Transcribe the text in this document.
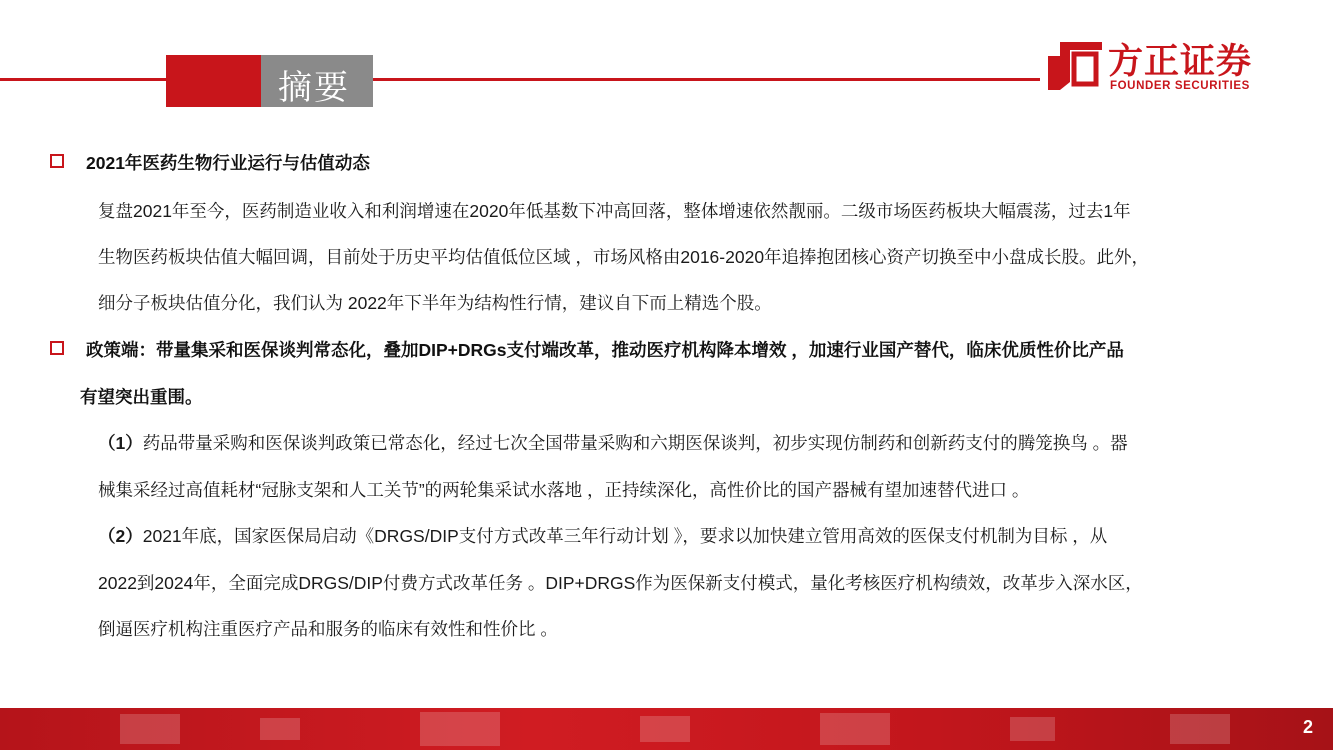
摘要
方正证券
FOUNDER SECURITIES
2021年医药生物行业运行与估值动态
复盘2021年至今，医药制造业收入和利润增速在2020年低基数下冲高回落，整体增速依然靓丽。二级市场医药板块大幅震荡，过去1年
生物医药板块估值大幅回调，目前处于历史平均估值低位区域 ，市场风格由2016-2020年追捧抱团核心资产切换至中小盘成长股。此外，
细分子板块估值分化，我们认为 2022年下半年为结构性行情，建议自下而上精选个股。
政策端：带量集采和医保谈判常态化，叠加DIP+DRGs支付端改革，推动医疗机构降本增效 ，加速行业国产替代，临床优质性价比产品
有望突出重围。
（1）药品带量采购和医保谈判政策已常态化，经过七次全国带量采购和六期医保谈判，初步实现仿制药和创新药支付的腾笼换鸟 。器
械集采经过高值耗材“冠脉支架和人工关节”的两轮集采试水落地 ，正持续深化，高性价比的国产器械有望加速替代进口 。
（2）2021年底，国家医保局启动《DRGS/DIP支付方式改革三年行动计划 》，要求以加快建立管用高效的医保支付机制为目标 ，从
2022到2024年，全面完成DRGS/DIP付费方式改革任务 。DIP+DRGS作为医保新支付模式，量化考核医疗机构绩效，改革步入深水区，
倒逼医疗机构注重医疗产品和服务的临床有效性和性价比 。
2
